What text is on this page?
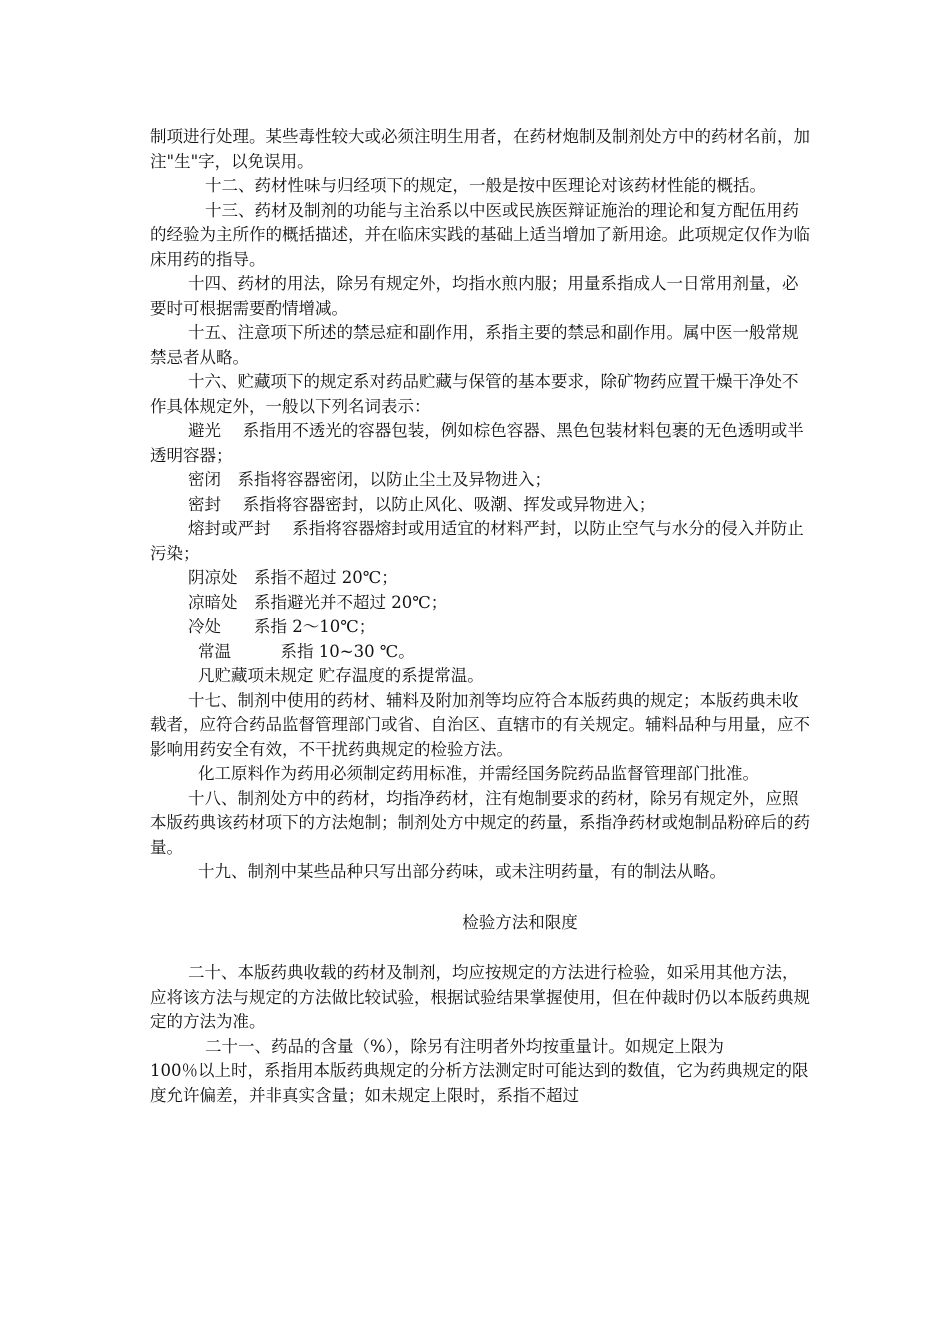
制项进行处理。某些毒性较大或必须注明生用者，在药材炮制及制剂处方中的药材名前，加注"生"字，以免误用。

十二、药材性味与归经项下的规定，一般是按中医理论对该药材性能的概括。

十三、药材及制剂的功能与主治系以中医或民族医辩证施治的理论和复方配伍用药的经验为主所作的概括描述，并在临床实践的基础上适当增加了新用途。此项规定仅作为临床用药的指导。

十四、药材的用法，除另有规定外，均指水煎内服；用量系指成人一日常用剂量，必要时可根据需要酌情增减。

十五、注意项下所述的禁忌症和副作用，系指主要的禁忌和副作用。属中医一般常规禁忌者从略。

十六、贮藏项下的规定系对药品贮藏与保管的基本要求，除矿物药应置干燥干净处不作具体规定外，一般以下列名词表示：

避光　 系指用不透光的容器包装，例如棕色容器、黑色包装材料包裹的无色透明或半透明容器；

密闭　系指将容器密闭，以防止尘土及异物进入；

密封　 系指将容器密封，以防止风化、吸潮、挥发或异物进入；

熔封或严封　 系指将容器熔封或用适宜的材料严封，以防止空气与水分的侵入并防止污染；

阴凉处　系指不超过 20℃；

凉暗处　系指避光并不超过 20℃；

冷处　　系指 2～10℃；

常温　　　系指 10~30 ℃。

凡贮藏项未规定 贮存温度的系提常温。

十七、制剂中使用的药材、辅料及附加剂等均应符合本版药典的规定；本版药典未收载者，应符合药品监督管理部门或省、自治区、直辖市的有关规定。辅料品种与用量，应不影响用药安全有效，不干扰药典规定的检验方法。

化工原料作为药用必须制定药用标准，并需经国务院药品监督管理部门批准。

十八、制剂处方中的药材，均指净药材，注有炮制要求的药材，除另有规定外，应照本版药典该药材项下的方法炮制；制剂处方中规定的药量，系指净药材或炮制品粉碎后的药量。

十九、制剂中某些品种只写出部分药味，或未注明药量，有的制法从略。

检验方法和限度

二十、本版药典收载的药材及制剂，均应按规定的方法进行检验，如采用其他方法，应将该方法与规定的方法做比较试验，根据试验结果掌握使用，但在仲裁时仍以本版药典规定的方法为准。

二十一、药品的含量（%），除另有注明者外均按重量计。如规定上限为

100％以上时，系指用本版药典规定的分析方法测定时可能达到的数值，它为药典规定的限度允许偏差，并非真实含量；如未规定上限时，系指不超过
